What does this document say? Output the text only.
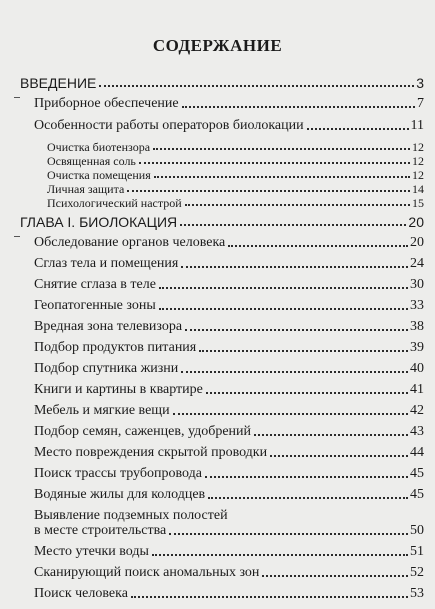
СОДЕРЖАНИЕ
ВВЕДЕНИЕ	3
Приборное обеспечение	7
Особенности работы операторов биолокации	11
Очистка биотензора	12
Освященная соль	12
Очистка помещения	12
Личная защита	14
Психологический настрой	15
ГЛАВА I. БИОЛОКАЦИЯ	20
Обследование органов человека	20
Сглаз тела и помещения	24
Снятие сглаза в теле	30
Геопатогенные зоны	33
Вредная зона телевизора	38
Подбор продуктов питания	39
Подбор спутника жизни	40
Книги и картины в квартире	41
Мебель и мягкие вещи	42
Подбор семян, саженцев, удобрений	43
Место повреждения скрытой проводки	44
Поиск трассы трубопровода	45
Водяные жилы для колодцев	45
Выявление подземных полостей
в месте строительства	50
Место утечки воды	51
Сканирующий поиск аномальных зон	52
Поиск человека	53
